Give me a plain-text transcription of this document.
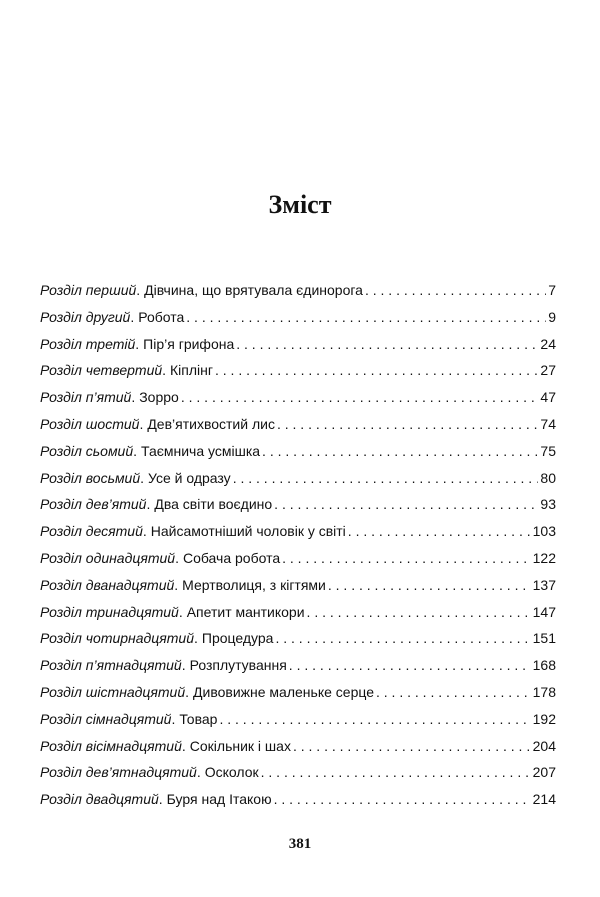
Зміст
Розділ перший . Дівчина, що врятувала єдинорога . . .	7
Розділ другий . Робота . . .	9
Розділ третій . Пір’я грифона . . .	24
Розділ четвертий . Кіплінг . . .	27
Розділ п’ятий . Зорро . . .	47
Розділ шостий . Дев’ятихвостий лис . . .	74
Розділ сьомий . Таємнича усмішка . . .	75
Розділ восьмий . Усе й одразу . . .	80
Розділ дев’ятий . Два світи воєдино . . .	93
Розділ десятий . Найсамотніший чоловік у світі . . .	103
Розділ одинадцятий . Собача робота . . .	122
Розділ дванадцятий . Мертволиця, з кігтями . . .	137
Розділ тринадцятий . Апетит мантикори . . .	147
Розділ чотирнадцятий . Процедура . . .	151
Розділ п’ятнадцятий . Розплутування . . .	168
Розділ шістнадцятий . Дивовижне маленьке серце . . .	178
Розділ сімнадцятий . Товар . . .	192
Розділ вісімнадцятий . Сокільник і шах . . .	204
Розділ дев’ятнадцятий . Осколок . . .	207
Розділ двадцятий . Буря над Ітакою . . .	214
381
